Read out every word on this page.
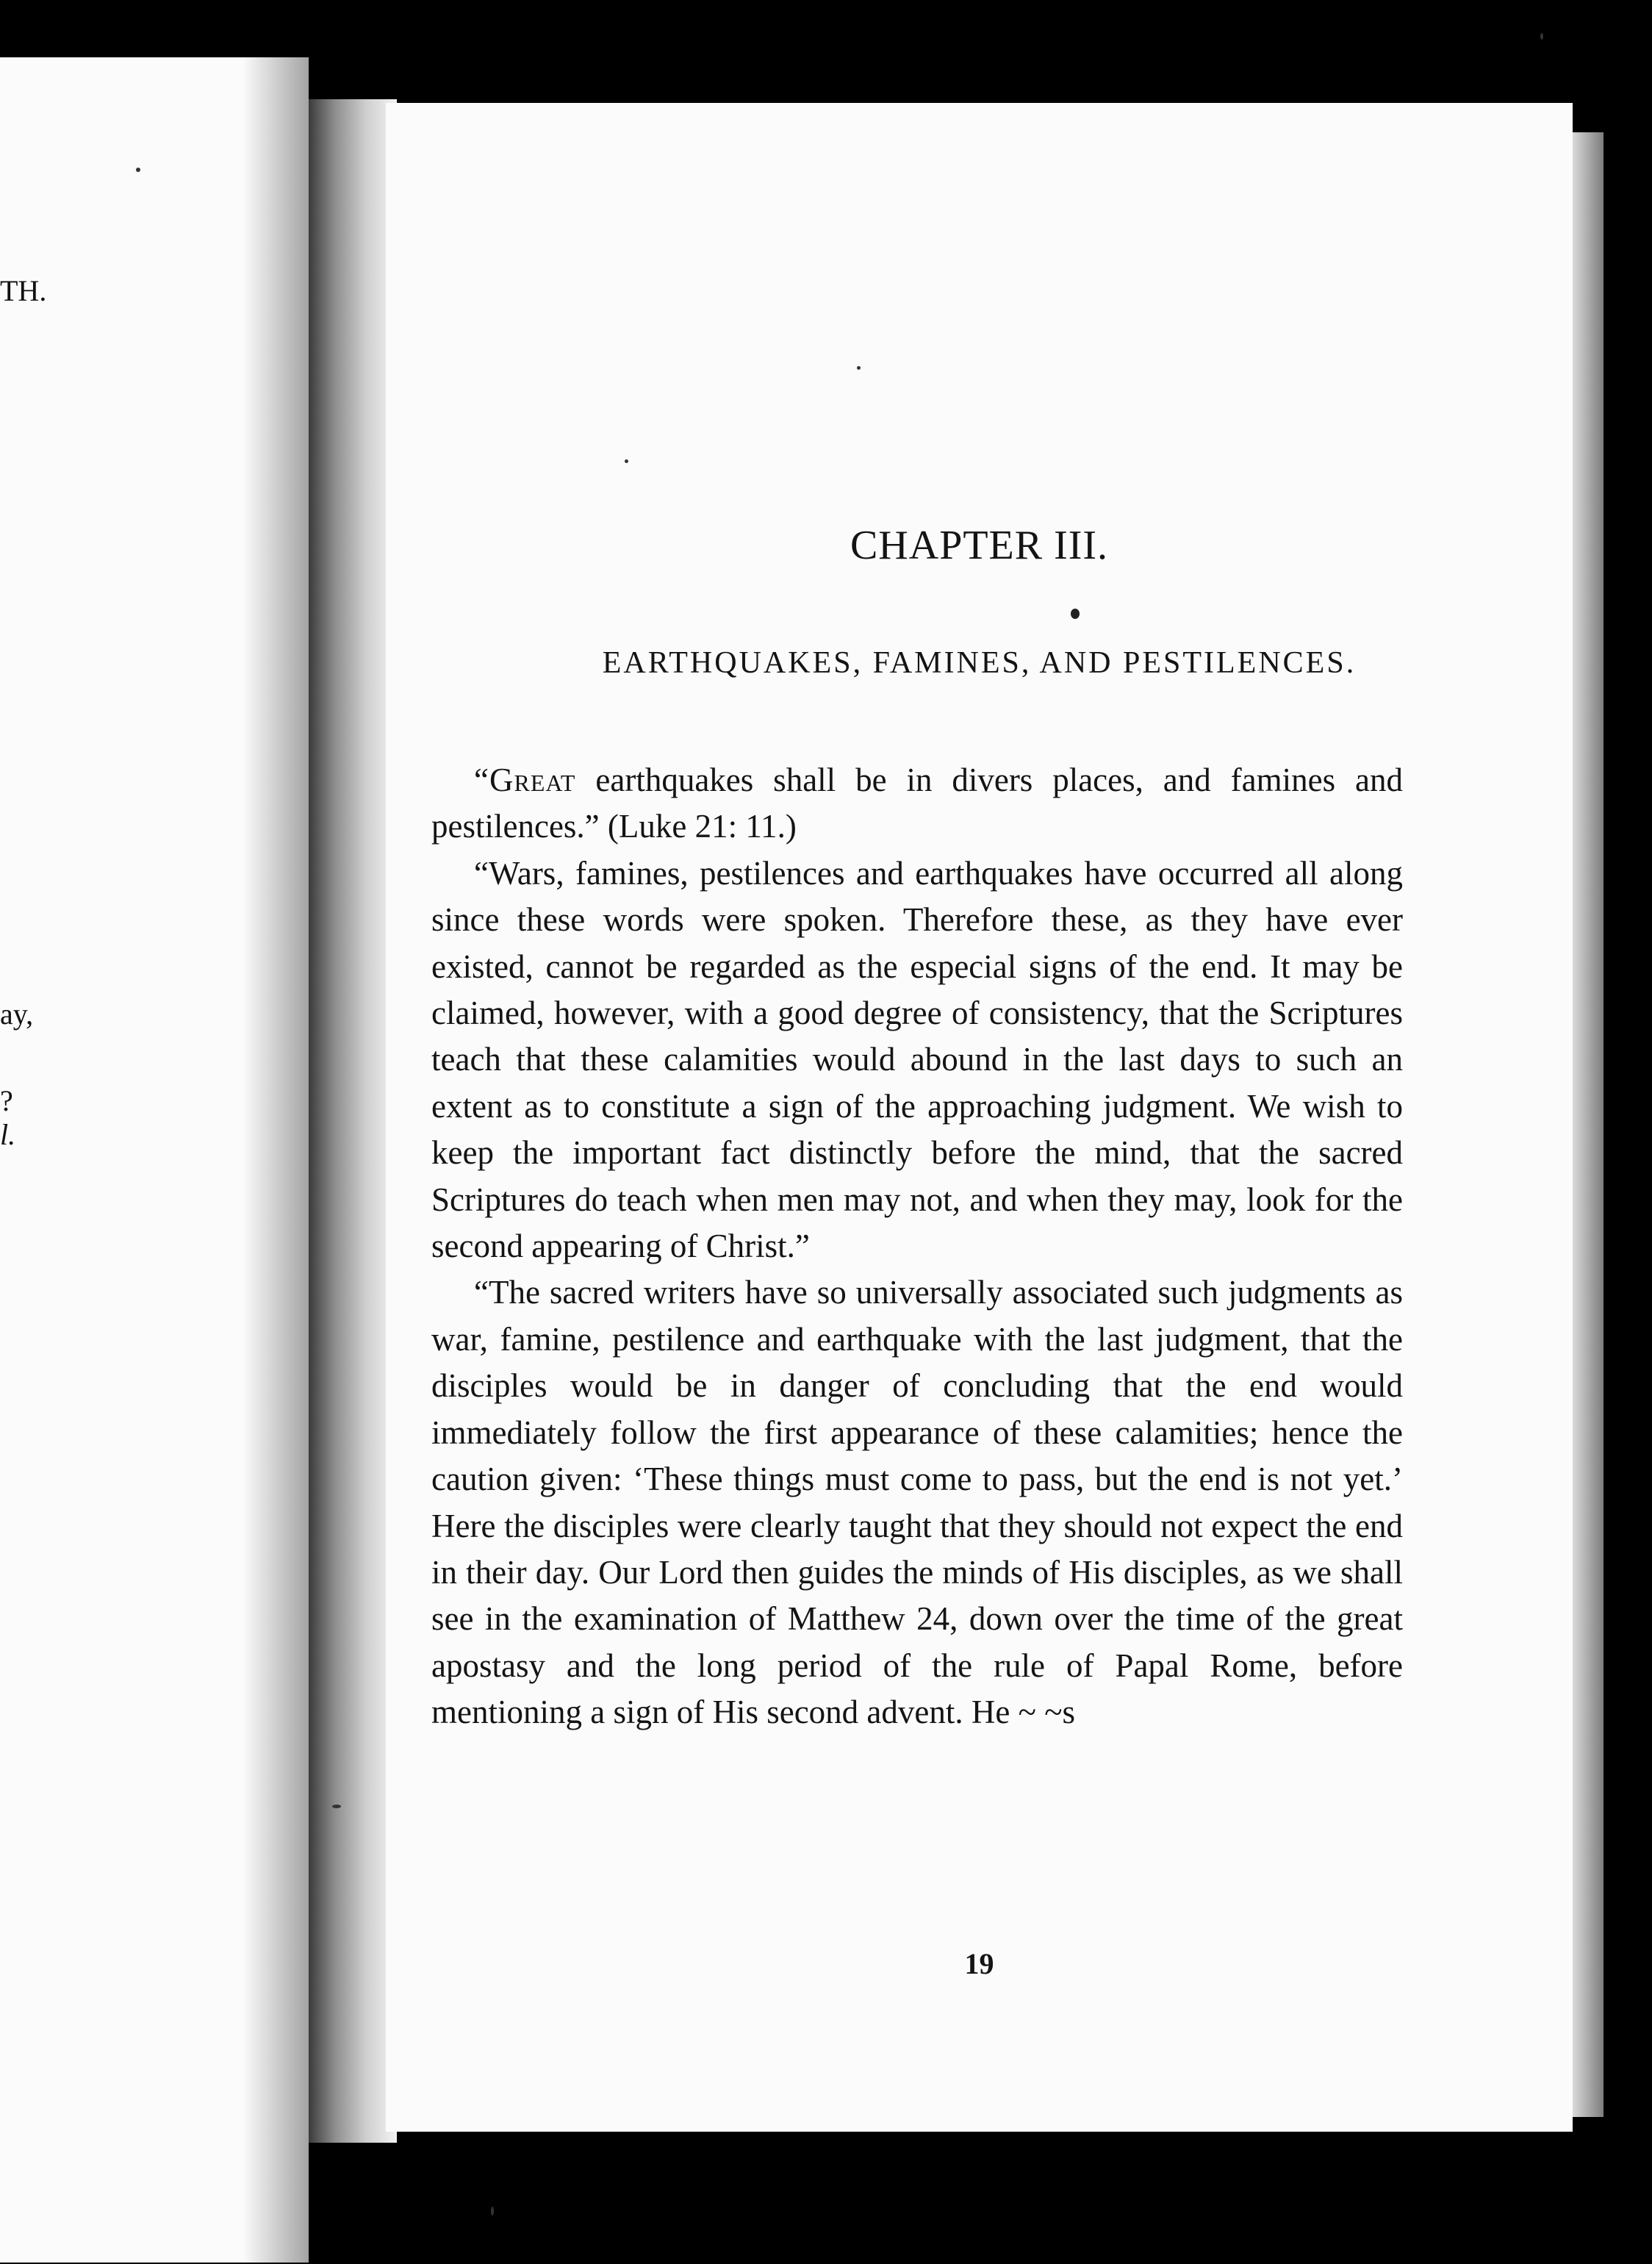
TH.
ay,
?
l.
CHAPTER III.
EARTHQUAKES, FAMINES, AND PESTILENCES.

“Great earthquakes shall be in divers places, and famines and pestilences.” (Luke 21: 11.)

“Wars, famines, pestilences and earthquakes have occurred all along since these words were spoken. Therefore these, as they have ever existed, cannot be regarded as the especial signs of the end. It may be claimed, however, with a good degree of consistency, that the Scriptures teach that these calamities would abound in the last days to such an extent as to constitute a sign of the approaching judgment. We wish to keep the important fact distinctly before the mind, that the sacred Scriptures do teach when men may not, and when they may, look for the second appearing of Christ.”

“The sacred writers have so universally associated such judgments as war, famine, pestilence and earthquake with the last judgment, that the disciples would be in danger of concluding that the end would immediately follow the first appearance of these calamities; hence the caution given: ‘These things must come to pass, but the end is not yet.’ Here the disciples were clearly taught that they should not expect the end in their day. Our Lord then guides the minds of His disciples, as we shall see in the examination of Matthew 24, down over the time of the great apostasy and the long period of the rule of Papal Rome, before mentioning a sign of His second advent. He ~ ~s

19
